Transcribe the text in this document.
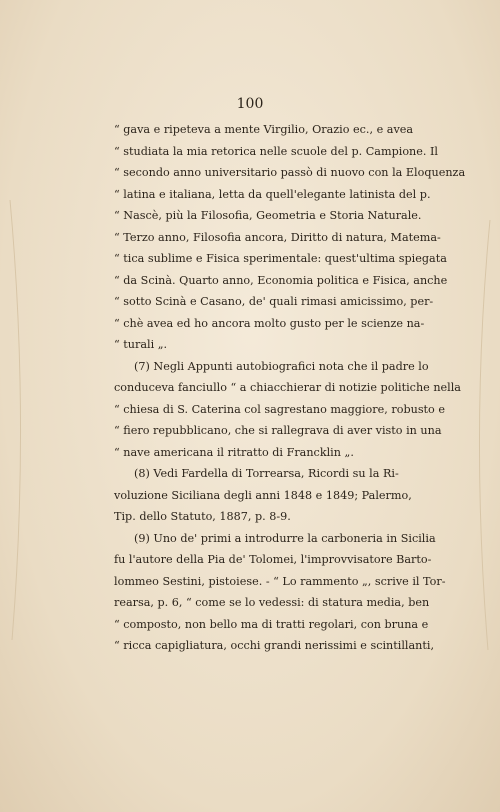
100
“ gava e ripeteva a mente Virgilio, Orazio ec., e avea
“ studiata la mia retorica nelle scuole del p. Campione. Il
“ secondo anno universitario passò di nuovo con la Eloquenza
“ latina e italiana, letta da quell'elegante latinista del p.
“ Nascè, più la Filosofia, Geometria e Storia Naturale.
“ Terzo anno, Filosofia ancora, Diritto di natura, Matema-
“ tica sublime e Fisica sperimentale: quest'ultima spiegata
“ da Scinà. Quarto anno, Economia politica e Fisica, anche
“ sotto Scinà e Casano, de' quali rimasi amicissimo, per-
“ chè avea ed ho ancora molto gusto per le scienze na-
“ turali „.
(7) Negli Appunti autobiografici nota che il padre lo
conduceva fanciullo “ a chiacchierar di notizie politiche nella
“ chiesa di S. Caterina col sagrestano maggiore, robusto e
“ fiero repubblicano, che si rallegrava di aver visto in una
“ nave americana il ritratto di Francklin „.
(8) Vedi Fardella di Torrearsa, Ricordi su la Ri-
voluzione Siciliana degli anni 1848 e 1849; Palermo,
Tip. dello Statuto, 1887, p. 8-9.
(9) Uno de' primi a introdurre la carboneria in Sicilia
fu l'autore della Pia de' Tolomei, l'improvvisatore Barto-
lommeo Sestini, pistoiese. - “ Lo rammento „, scrive il Tor-
rearsa, p. 6, “ come se lo vedessi: di statura media, ben
“ composto, non bello ma di tratti regolari, con bruna e
“ ricca capigliatura, occhi grandi nerissimi e scintillanti,
